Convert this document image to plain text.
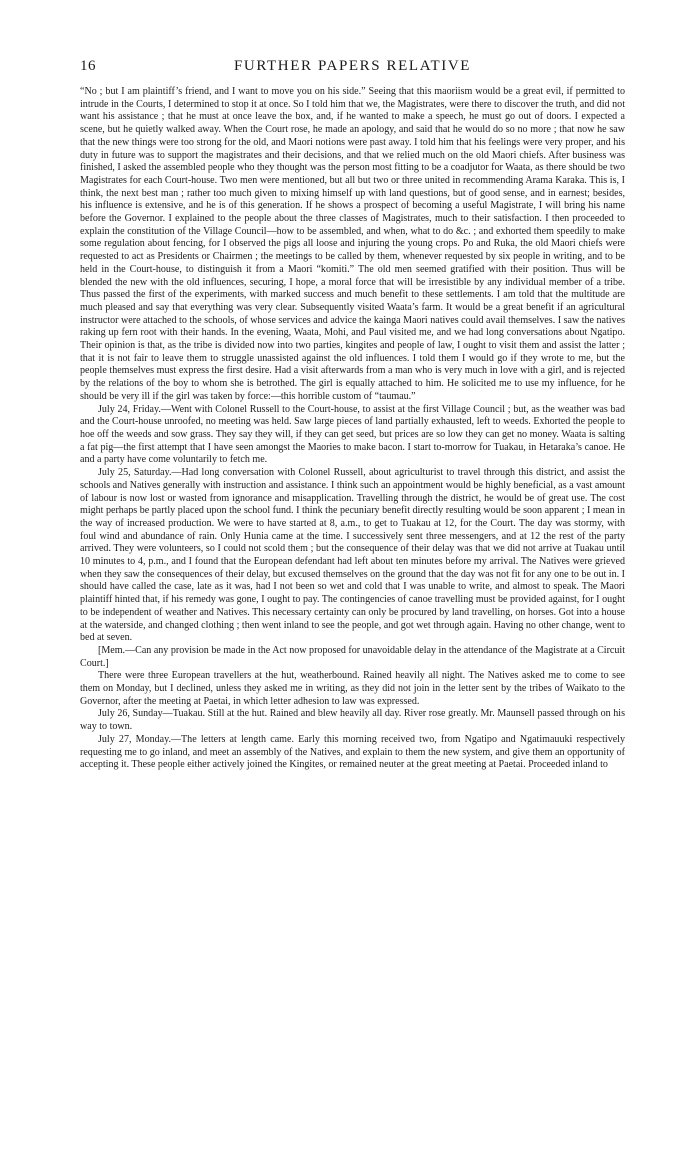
16	FURTHER PAPERS RELATIVE

“No ; but I am plaintiff’s friend, and I want to move you on his side.” Seeing that this maoriism would be a great evil, if permitted to intrude in the Courts, I determined to stop it at once. So I told him that we, the Magistrates, were there to discover the truth, and did not want his assistance ; that he must at once leave the box, and, if he wanted to make a speech, he must go out of doors. I expected a scene, but he quietly walked away. When the Court rose, he made an apology, and said that he would do so no more ; that now he saw that the new things were too strong for the old, and Maori notions were past away. I told him that his feelings were very proper, and his duty in future was to support the magistrates and their decisions, and that we relied much on the old Maori chiefs. After business was finished, I asked the assembled people who they thought was the person most fitting to be a coadjutor for Waata, as there should be two Magistrates for each Court-house. Two men were mentioned, but all but two or three united in recommending Arama Karaka. This is, I think, the next best man ; rather too much given to mixing himself up with land questions, but of good sense, and in earnest; besides, his influence is extensive, and he is of this generation. If he shows a prospect of becoming a useful Magistrate, I will bring his name before the Governor. I explained to the people about the three classes of Magistrates, much to their satisfaction. I then proceeded to explain the constitution of the Village Council—how to be assembled, and when, what to do &c. ; and exhorted them speedily to make some regulation about fencing, for I observed the pigs all loose and injuring the young crops. Po and Ruka, the old Maori chiefs were requested to act as Presidents or Chairmen ; the meetings to be called by them, whenever requested by six people in writing, and to be held in the Court-house, to distinguish it from a Maori “komiti.” The old men seemed gratified with their position. Thus will be blended the new with the old influences, securing, I hope, a moral force that will be irresistible by any individual member of a tribe. Thus passed the first of the experiments, with marked success and much benefit to these settlements. I am told that the multitude are much pleased and say that everything was very clear. Subsequently visited Waata’s farm. It would be a great benefit if an agricultural instructor were attached to the schools, of whose services and advice the kainga Maori natives could avail themselves. I saw the natives raking up fern root with their hands. In the evening, Waata, Mohi, and Paul visited me, and we had long conversations about Ngatipo. Their opinion is that, as the tribe is divided now into two parties, kingites and people of law, I ought to visit them and assist the latter ; that it is not fair to leave them to struggle unassisted against the old influences. I told them I would go if they wrote to me, but the people themselves must express the first desire. Had a visit afterwards from a man who is very much in love with a girl, and is rejected by the relations of the boy to whom she is betrothed. The girl is equally attached to him. He solicited me to use my influence, for he should be very ill if the girl was taken by force:—this horrible custom of “taumau.”

July 24, Friday.—Went with Colonel Russell to the Court-house, to assist at the first Village Council ; but, as the weather was bad and the Court-house unroofed, no meeting was held. Saw large pieces of land partially exhausted, left to weeds. Exhorted the people to hoe off the weeds and sow grass. They say they will, if they can get seed, but prices are so low they can get no money. Waata is salting a fat pig—the first attempt that I have seen amongst the Maories to make bacon. I start to-morrow for Tuakau, in Hetaraka’s canoe. He and a party have come voluntarily to fetch me.

July 25, Saturday.—Had long conversation with Colonel Russell, about agriculturist to travel through this district, and assist the schools and Natives generally with instruction and assistance. I think such an appointment would be highly beneficial, as a vast amount of labour is now lost or wasted from ignorance and misapplication. Travelling through the district, he would be of great use. The cost might perhaps be partly placed upon the school fund. I think the pecuniary benefit directly resulting would be soon apparent ; I mean in the way of increased production. We were to have started at 8, a.m., to get to Tuakau at 12, for the Court. The day was stormy, with foul wind and abundance of rain. Only Hunia came at the time. I successively sent three messengers, and at 12 the rest of the party arrived. They were volunteers, so I could not scold them ; but the consequence of their delay was that we did not arrive at Tuakau until 10 minutes to 4, p.m., and I found that the European defendant had left about ten minutes before my arrival. The Natives were grieved when they saw the consequences of their delay, but excused themselves on the ground that the day was not fit for any one to be out in. I should have called the case, late as it was, had I not been so wet and cold that I was unable to write, and almost to speak. The Maori plaintiff hinted that, if his remedy was gone, I ought to pay. The contingencies of canoe travelling must be provided against, for I ought to be independent of weather and Natives. This necessary certainty can only be procured by land travelling, on horses. Got into a house at the waterside, and changed clothing ; then went inland to see the people, and got wet through again. Having no other change, went to bed at seven.

[Mem.—Can any provision be made in the Act now proposed for unavoidable delay in the attendance of the Magistrate at a Circuit Court.]

There were three European travellers at the hut, weatherbound. Rained heavily all night. The Natives asked me to come to see them on Monday, but I declined, unless they asked me in writing, as they did not join in the letter sent by the tribes of Waikato to the Governor, after the meeting at Paetai, in which letter adhesion to law was expressed.

July 26, Sunday—Tuakau. Still at the hut. Rained and blew heavily all day. River rose greatly. Mr. Maunsell passed through on his way to town.

July 27, Monday.—The letters at length came. Early this morning received two, from Ngatipo and Ngatimauuki respectively requesting me to go inland, and meet an assembly of the Natives, and explain to them the new system, and give them an opportunity of accepting it. These people either actively joined the Kingites, or remained neuter at the great meeting at Paetai. Proceeded inland to
